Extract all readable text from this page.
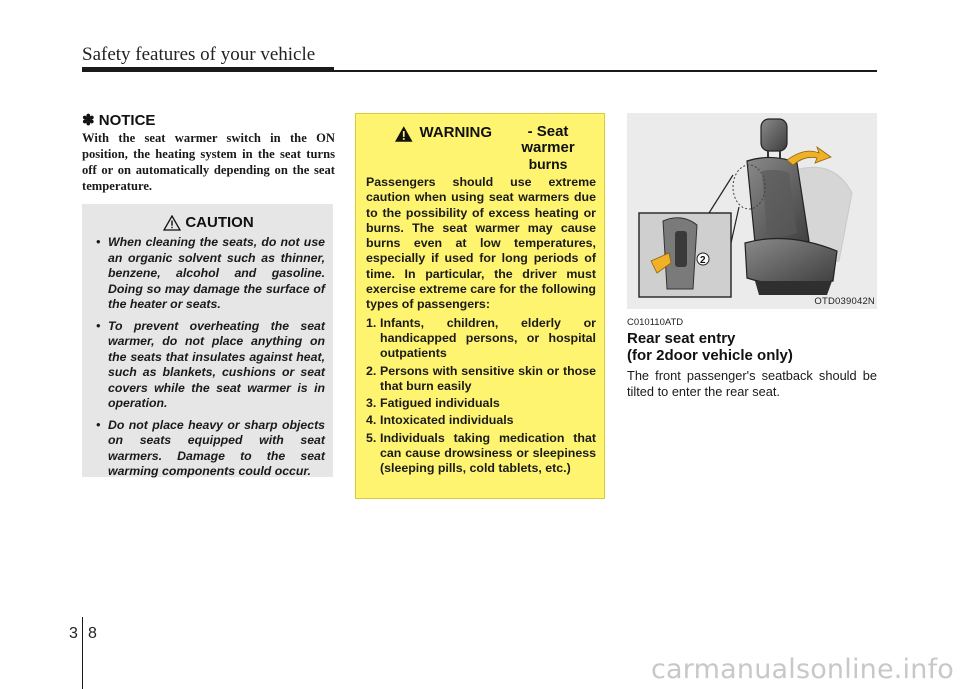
Safety features of your vehicle
✽ NOTICE
With the seat warmer switch in the ON position, the heating system in the seat turns off or on automatically depending on the seat temperature.
CAUTION
• When cleaning the seats, do not use an organic solvent such as thinner, benzene, alcohol and gasoline. Doing so may damage the surface of the heater or seats.
• To prevent overheating the seat warmer, do not place anything on the seats that insulates against heat, such as blankets, cushions or seat covers while the seat warmer is in operation.
• Do not place heavy or sharp objects on seats equipped with seat warmers. Damage to the seat warming components could occur.
WARNING	- Seat warmer
burns
Passengers should use extreme caution when using seat warmers due to the possibility of excess heating or burns. The seat warmer may cause burns even at low temperatures, especially if used for long periods of time. In particular, the driver must exercise extreme care for the following types of passengers:
1. Infants, children, elderly or handicapped persons, or hospital outpatients
2. Persons with sensitive skin or those that burn easily
3. Fatigued individuals
4. Intoxicated individuals
5. Individuals taking medication that can cause drowsiness or sleepiness (sleeping pills, cold tablets, etc.)
2
OTD039042N
C010110ATD
Rear seat entry
(for 2door vehicle only)
The front passenger's seatback should be tilted to enter the rear seat.
3 8
carmanualsonline.info
